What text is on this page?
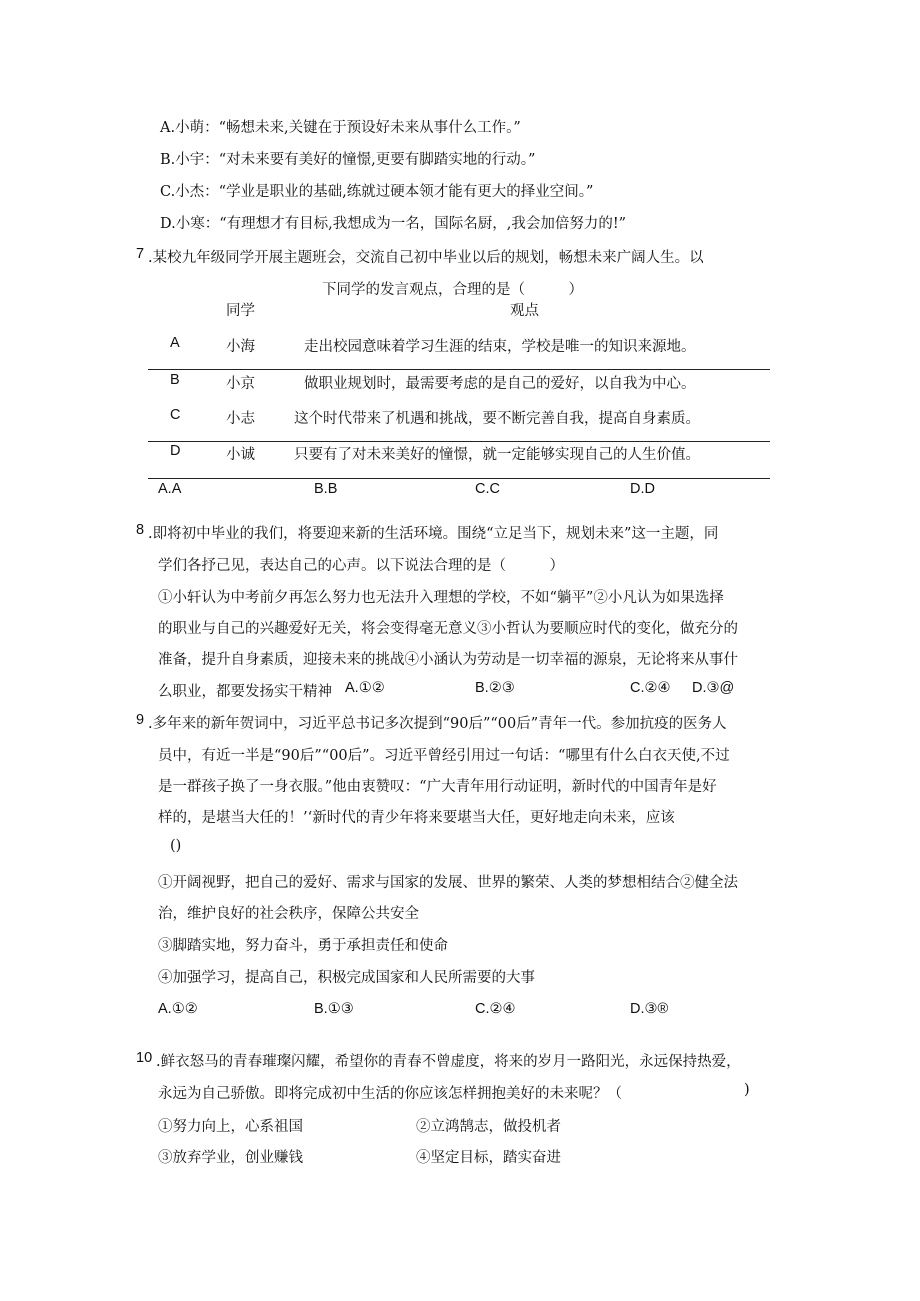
A.小萌：“畅想未来,关键在于预设好未来从事什么工作。”
B.小宇：“对未来要有美好的憧憬,更要有脚踏实地的行动。”
C.小杰：“学业是职业的基础,练就过硬本领才能有更大的择业空间。”
D.小寒：“有理想才有目标,我想成为一名，国际名厨，,我会加倍努力的!”
7 .某校九年级同学开展主题班会，交流自己初中毕业以后的规划，畅想未来广阔人生。以
下同学的发言观点，合理的是（　　　）
同学	观点
A	小海	走出校园意味着学习生涯的结束，学校是唯一的知识来源地。
B	小京	做职业规划时，最需要考虑的是自己的爱好，以自我为中心。
C	小志	这个时代带来了机遇和挑战，要不断完善自我，提高自身素质。
D	小诚	只要有了对未来美好的憧憬，就一定能够实现自己的人生价值。
A.A	B.B	C.C	D.D
8 .即将初中毕业的我们，将要迎来新的生活环境。围绕“立足当下，规划未来”这一主题，同
学们各抒己见，表达自己的心声。以下说法合理的是（　　　）
①小轩认为中考前夕再怎么努力也无法升入理想的学校，不如“躺平”②小凡认为如果选择
的职业与自己的兴趣爱好无关，将会变得毫无意义③小哲认为要顺应时代的变化，做充分的
准备，提升自身素质，迎接未来的挑战④小涵认为劳动是一切幸福的源泉，无论将来从事什
么职业，都要发扬实干精神 A.①②	B.②③	C.②④ D.③@
9 .多年来的新年贺词中，习近平总书记多次提到“90后”“00后”青年一代。参加抗疫的医务人
员中，有近一半是“90后”“00后”。习近平曾经引用过一句话：“哪里有什么白衣天使,不过
是一群孩子换了一身衣服。”他由衷赞叹：“广大青年用行动证明，新时代的中国青年是好
样的，是堪当大任的！’‘新时代的青少年将来要堪当大任，更好地走向未来，应该
()
①开阔视野，把自己的爱好、需求与国家的发展、世界的繁荣、人类的梦想相结合②健全法
治，维护良好的社会秩序，保障公共安全
③脚踏实地，努力奋斗，勇于承担责任和使命
④加强学习，提高自己，积极完成国家和人民所需要的大事
A.①②	B.①③	C.②④	D.③®
10 .鲜衣怒马的青春璀璨闪耀，希望你的青春不曾虚度，将来的岁月一路阳光，永远保持热爱，
永远为自己骄傲。即将完成初中生活的你应该怎样拥抱美好的未来呢？（	)
①努力向上，心系祖国	②立鸿鹄志，做投机者
③放弃学业，创业赚钱	④坚定目标，踏实奋进
